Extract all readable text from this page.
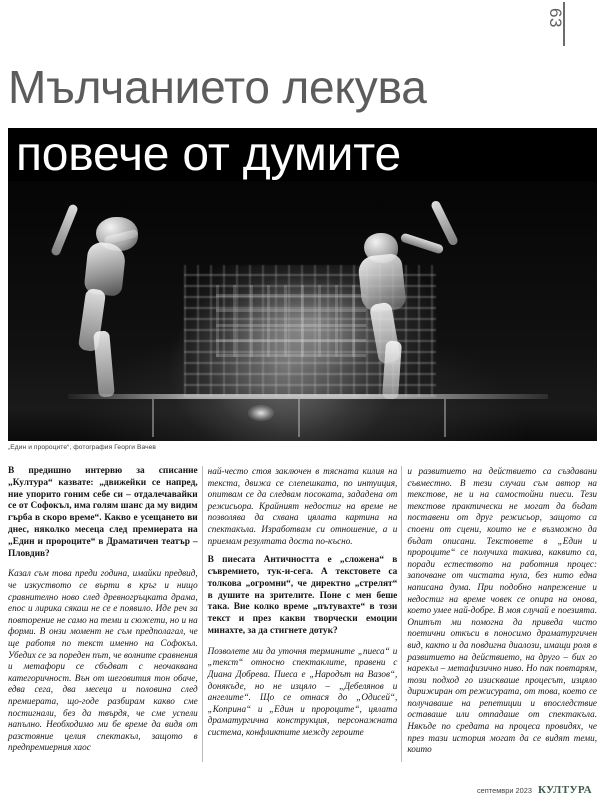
63
Мълчанието лекува
повече от думите
„Един и пророците“, фотография Георги Вачев

В предишно интервю за списание „Култура“ казвате: „движейки се напред, ние упорито гоним себе си – отдалечавайки се от Софокъл, има голям шанс да му видим гърба в скоро време“. Какво е усещането ви днес, няколко месеца след премиерата на „Един и пророците“ в Драматичен театър – Пловдив?

Казал съм това преди година, имайки предвид, че изкуството се върти в кръг и нищо сравнително ново след древногръцката драма, епос и лирика сякаш не се е появило. Иде реч за повторение не само на теми и сюжети, но и на форми. В онзи момент не съм предполагал, че ще работя по текст именно на Софокъл. Убедих се за пореден път, че волните сравнения и метафори се сбъдват с неочаквана категоричност. Вън от шеговития тон обаче, едва сега, два месеца и половина след премиерата, що-годе разбирам какво сме постигнали, без да твърдя, че сме успели напълно. Необходимо ми бе време да видя от разстояние целия спектакъл, защото в предпремиерния хаос

най-често стоя заключен в тясната килия на текста, движа се слепешката, по интуиция, опитвам се да следвам посоката, зададена от режисьора. Крайният недостиг на време не позволява да схвана цялата картина на спектакъла. Изработвам си отношение, а и приемам резултата доста по-късно.

В пиесата Античността е „сложена“ в съвремието, тук-и-сега. А текстовете са толкова „огромни“, че директно „стрелят“ в душите на зрителите. Поне с мен беше така. Вие колко време „пътувахте“ в този текст и през какви творчески емоции минахте, за да стигнете дотук?

Позволете ми да уточня термините „пиеса“ и „текст“ относно спектаклите, правени с Диана Добрева. Пиеса е „Народът на Вазов“, донякъде, но не изцяло – „Дебелянов и ангелите“. Що се отнася до „Одисей“, „Коприна“ и „Един и пророците“, цялата драматургична конструкция, персонажната система, конфликтите между героите

и развитието на действието са създавани съвместно. В тези случаи съм автор на текстове, не и на самостойни пиеси. Тези текстове практически не могат да бъдат поставени от друг режисьор, защото са споени от сцени, които не е възможно да бъдат описани. Текстовете в „Един и пророците“ се получиха такива, каквито са, поради естеството на работния процес: започване от чистата нула, без нито една написана дума. При подобно напрежение и недостиг на време човек се опира на онова, което умее най-добре. В моя случай е поезията. Опитът ми помогна да приведа чисто поетични откъси в поносимо драматургичен вид, както и да повдигна диалози, имащи роля в развитието на действието, на друго – бих го нарекъл – метафизично ниво. Но пак повтарям, този подход го изискваше процесът, изцяло дирижиран от режисурата, от това, което се получаваше на репетиции и впоследствие оставаше или отпадаше от спектакъла. Някъде по средата на процеса провидях, че през тази история могат да се видят теми, които

септември 2023 КУЛТУРА
